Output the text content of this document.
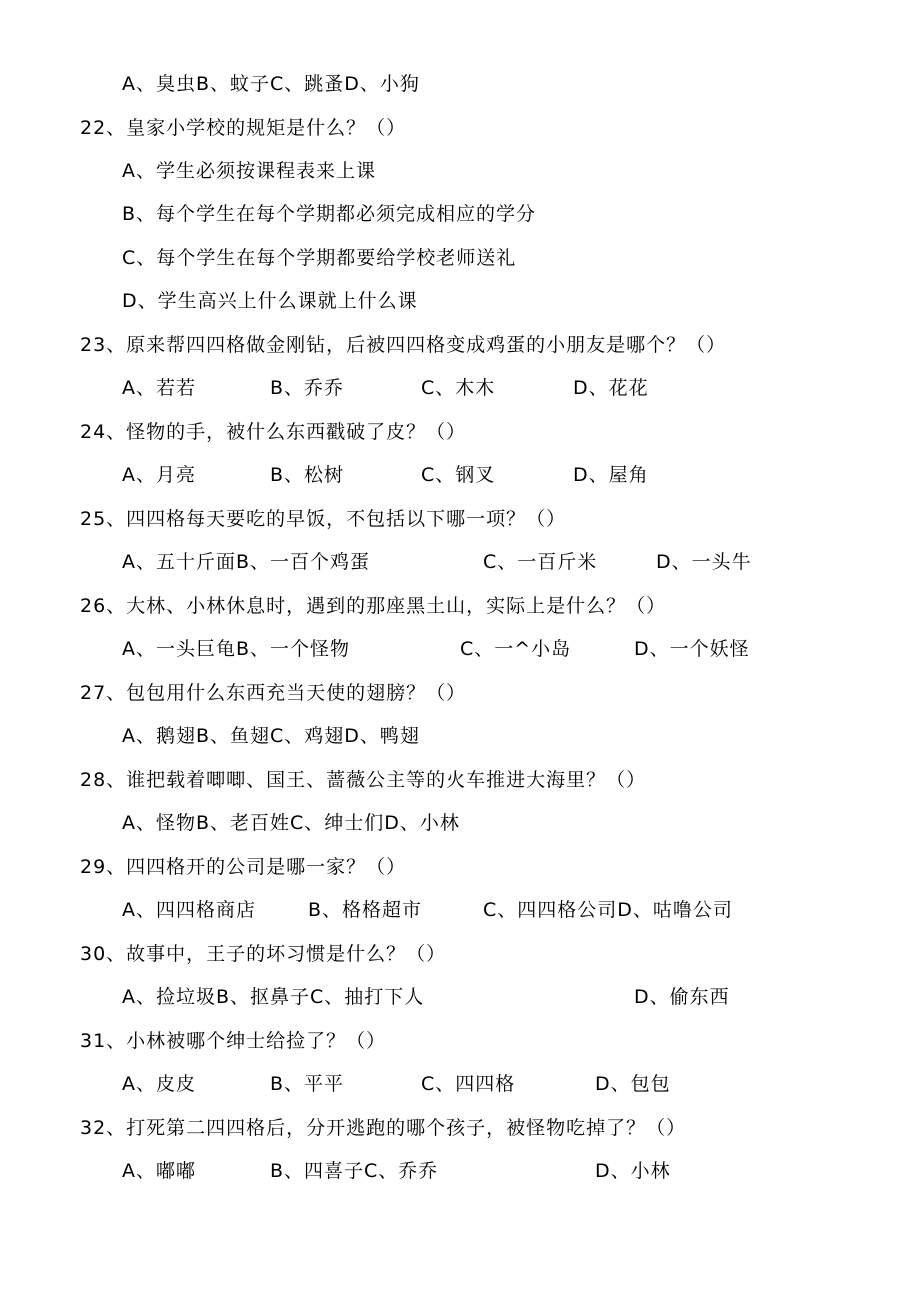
A、臭虫B、蚊子C、跳蚤D、小狗
22、皇家小学校的规矩是什么？（）
A、学生必须按课程表来上课
B、每个学生在每个学期都必须完成相应的学分
C、每个学生在每个学期都要给学校老师送礼
D、学生高兴上什么课就上什么课
23、原来帮四四格做金刚钻，后被四四格变成鸡蛋的小朋友是哪个？（）
A、若若	B、乔乔	C、木木	D、花花
24、怪物的手，被什么东西戳破了皮？（）
A、月亮	B、松树	C、钢叉	D、屋角
25、四四格每天要吃的早饭，不包括以下哪一项？（）
A、五十斤面B、一百个鸡蛋	C、一百斤米	D、一头牛
26、大林、小林休息时，遇到的那座黑土山，实际上是什么？（）
A、一头巨龟B、一个怪物	C、一^小岛	D、一个妖怪
27、包包用什么东西充当天使的翅膀？（）
A、鹅翅B、鱼翅C、鸡翅D、鸭翅
28、谁把载着唧唧、国王、蔷薇公主等的火车推进大海里？（）
A、怪物B、老百姓C、绅士们D、小林
29、四四格开的公司是哪一家？（）
A、四四格商店	B、格格超市	C、四四格公司D、咕噜公司
30、故事中，王子的坏习惯是什么？（）
A、捡垃圾B、抠鼻子C、抽打下人	D、偷东西
31、小林被哪个绅士给捡了？（）
A、皮皮	B、平平	C、四四格	D、包包
32、打死第二四四格后，分开逃跑的哪个孩子，被怪物吃掉了？（）
A、嘟嘟	B、四喜子C、乔乔	D、小林
